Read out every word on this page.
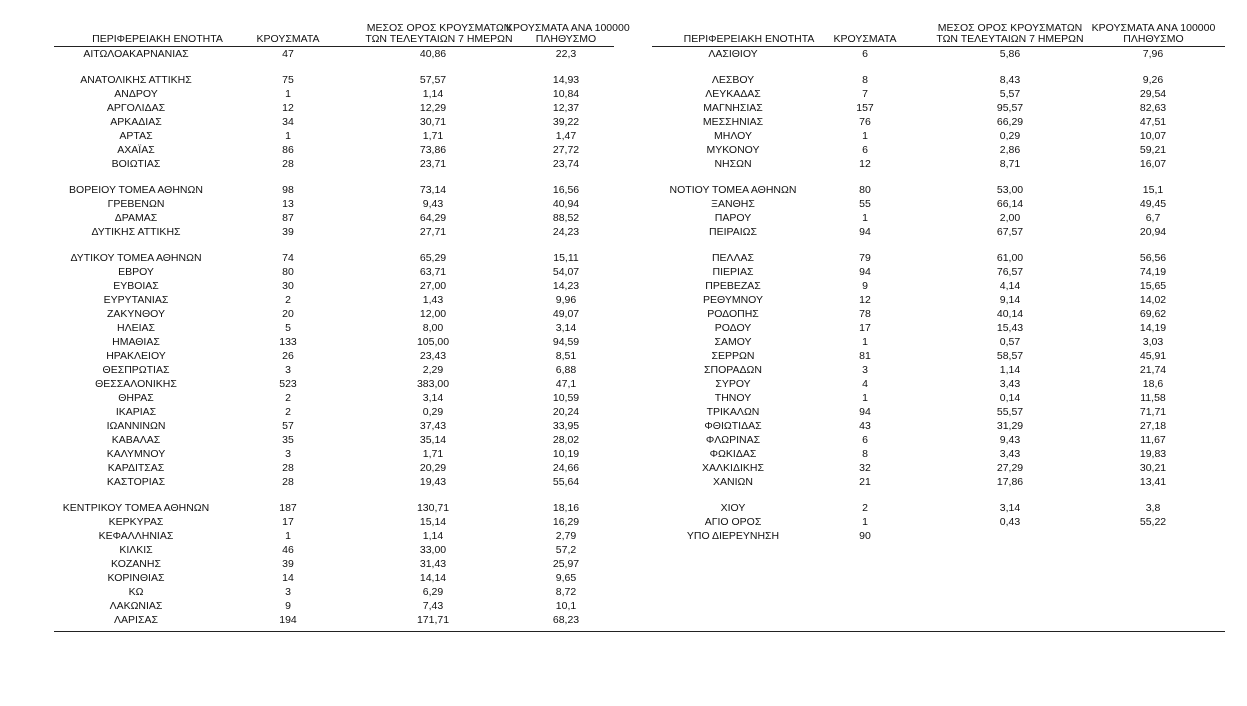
ΠΕΡΙΦΕΡΕΙΑΚΗ ΕΝΟΤΗΤΑ	ΚΡΟΥΣΜΑΤΑ
ΜΕΣΟΣ ΟΡΟΣ ΚΡΟΥΣΜΑΤΩΝ
ΤΩΝ ΤΕΛΕΥΤΑΙΩΝ 7 ΗΜΕΡΩΝ
ΚΡΟΥΣΜΑΤΑ ΑΝΑ 100000
ΠΛΗΘΥΣΜΟ
ΑΙΤΩΛΟΑΚΑΡΝΑΝΙΑΣ	47	40,86	22,3
ΑΝΑΤΟΛΙΚΗΣ ΑΤΤΙΚΗΣ	75	57,57	14,93
ΑΝΔΡΟΥ	1	1,14	10,84
ΑΡΓΟΛΙΔΑΣ	12	12,29	12,37
ΑΡΚΑΔΙΑΣ	34	30,71	39,22
ΑΡΤΑΣ	1	1,71	1,47
ΑΧΑΪΑΣ	86	73,86	27,72
ΒΟΙΩΤΙΑΣ	28	23,71	23,74
ΒΟΡΕΙΟΥ ΤΟΜΕΑ ΑΘΗΝΩΝ	98	73,14	16,56
ΓΡΕΒΕΝΩΝ	13	9,43	40,94
ΔΡΑΜΑΣ	87	64,29	88,52
ΔΥΤΙΚΗΣ ΑΤΤΙΚΗΣ	39	27,71	24,23
ΔΥΤΙΚΟΥ ΤΟΜΕΑ ΑΘΗΝΩΝ	74	65,29	15,11
ΕΒΡΟΥ	80	63,71	54,07
ΕΥΒΟΙΑΣ	30	27,00	14,23
ΕΥΡΥΤΑΝΙΑΣ	2	1,43	9,96
ΖΑΚΥΝΘΟΥ	20	12,00	49,07
ΗΛΕΙΑΣ	5	8,00	3,14
ΗΜΑΘΙΑΣ	133	105,00	94,59
ΗΡΑΚΛΕΙΟΥ	26	23,43	8,51
ΘΕΣΠΡΩΤΙΑΣ	3	2,29	6,88
ΘΕΣΣΑΛΟΝΙΚΗΣ	523	383,00	47,1
ΘΗΡΑΣ	2	3,14	10,59
ΙΚΑΡΙΑΣ	2	0,29	20,24
ΙΩΑΝΝΙΝΩΝ	57	37,43	33,95
ΚΑΒΑΛΑΣ	35	35,14	28,02
ΚΑΛΥΜΝΟΥ	3	1,71	10,19
ΚΑΡΔΙΤΣΑΣ	28	20,29	24,66
ΚΑΣΤΟΡΙΑΣ	28	19,43	55,64
ΚΕΝΤΡΙΚΟΥ ΤΟΜΕΑ ΑΘΗΝΩΝ	187	130,71	18,16
ΚΕΡΚΥΡΑΣ	17	15,14	16,29
ΚΕΦΑΛΛΗΝΙΑΣ	1	1,14	2,79
ΚΙΛΚΙΣ	46	33,00	57,2
ΚΟΖΑΝΗΣ	39	31,43	25,97
ΚΟΡΙΝΘΙΑΣ	14	14,14	9,65
ΚΩ	3	6,29	8,72
ΛΑΚΩΝΙΑΣ	9	7,43	10,1
ΛΑΡΙΣΑΣ	194	171,71	68,23
ΠΕΡΙΦΕΡΕΙΑΚΗ ΕΝΟΤΗΤΑ	ΚΡΟΥΣΜΑΤΑ
ΜΕΣΟΣ ΟΡΟΣ ΚΡΟΥΣΜΑΤΩΝ
ΤΩΝ ΤΕΛΕΥΤΑΙΩΝ 7 ΗΜΕΡΩΝ
ΚΡΟΥΣΜΑΤΑ ΑΝΑ 100000
ΠΛΗΘΥΣΜΟ
ΛΑΣΙΘΙΟΥ	6	5,86	7,96
ΛΕΣΒΟΥ	8	8,43	9,26
ΛΕΥΚΑΔΑΣ	7	5,57	29,54
ΜΑΓΝΗΣΙΑΣ	157	95,57	82,63
ΜΕΣΣΗΝΙΑΣ	76	66,29	47,51
ΜΗΛΟΥ	1	0,29	10,07
ΜΥΚΟΝΟΥ	6	2,86	59,21
ΝΗΣΩΝ	12	8,71	16,07
ΝΟΤΙΟΥ ΤΟΜΕΑ ΑΘΗΝΩΝ	80	53,00	15,1
ΞΑΝΘΗΣ	55	66,14	49,45
ΠΑΡΟΥ	1	2,00	6,7
ΠΕΙΡΑΙΩΣ	94	67,57	20,94
ΠΕΛΛΑΣ	79	61,00	56,56
ΠΙΕΡΙΑΣ	94	76,57	74,19
ΠΡΕΒΕΖΑΣ	9	4,14	15,65
ΡΕΘΥΜΝΟΥ	12	9,14	14,02
ΡΟΔΟΠΗΣ	78	40,14	69,62
ΡΟΔΟΥ	17	15,43	14,19
ΣΑΜΟΥ	1	0,57	3,03
ΣΕΡΡΩΝ	81	58,57	45,91
ΣΠΟΡΑΔΩΝ	3	1,14	21,74
ΣΥΡΟΥ	4	3,43	18,6
ΤΗΝΟΥ	1	0,14	11,58
ΤΡΙΚΑΛΩΝ	94	55,57	71,71
ΦΘΙΩΤΙΔΑΣ	43	31,29	27,18
ΦΛΩΡΙΝΑΣ	6	9,43	11,67
ΦΩΚΙΔΑΣ	8	3,43	19,83
ΧΑΛΚΙΔΙΚΗΣ	32	27,29	30,21
ΧΑΝΙΩΝ	21	17,86	13,41
ΧΙΟΥ	2	3,14	3,8
ΑΓΙΟ ΟΡΟΣ	1	0,43	55,22
ΥΠΟ ΔΙΕΡΕΥΝΗΣΗ	90
